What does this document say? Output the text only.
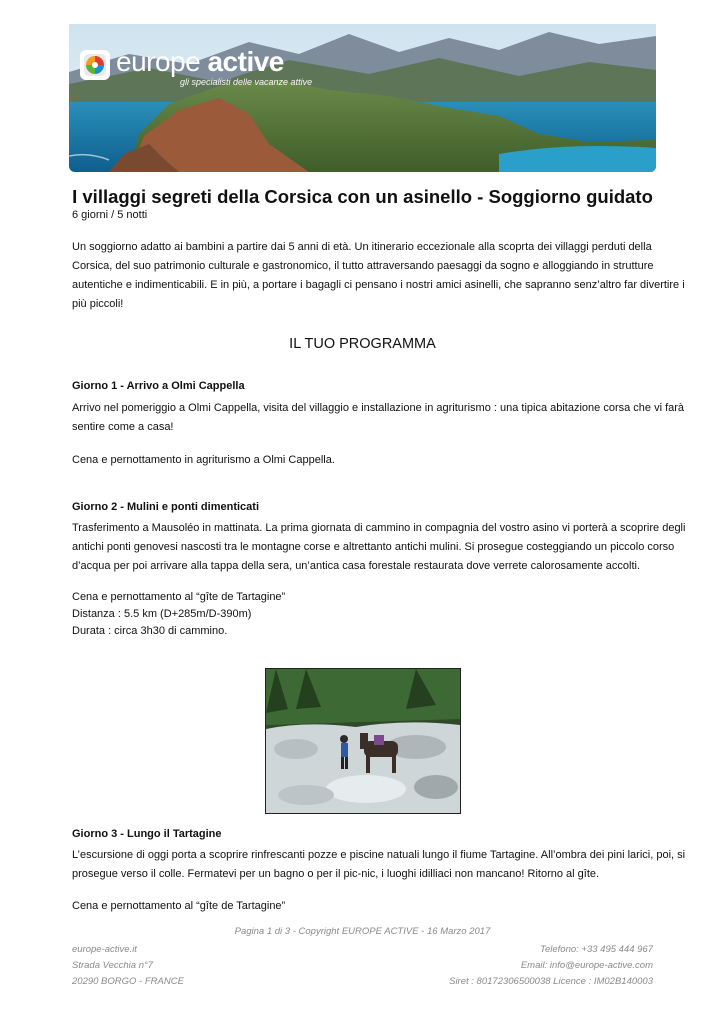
europe active
gli specialisti delle vacanze attive
I villaggi segreti della Corsica con un asinello - Soggiorno guidato
6 giorni / 5 notti

Un soggiorno adatto ai bambini a partire dai 5 anni di età. Un itinerario eccezionale alla scoprta dei villaggi perduti della Corsica, del suo patrimonio culturale e gastronomico, il tutto attraversando paesaggi da sogno e alloggiando in strutture autentiche e indimenticabili. E in più, a portare i bagagli ci pensano i nostri amici asinelli, che sapranno senz’altro far divertire i più piccoli!

IL TUO PROGRAMMA
Giorno 1 - Arrivo a Olmi Cappella

Arrivo nel pomeriggio a Olmi Cappella, visita del villaggio e installazione in agriturismo : una tipica abitazione corsa che vi farà sentire come a casa!

Cena e pernottamento in agriturismo a Olmi Cappella.

Giorno 2 - Mulini e ponti dimenticati

Trasferimento a Mausoléo in mattinata. La prima giornata di cammino in compagnia del vostro asino vi porterà a scoprire degli antichi ponti genovesi nascosti tra le montagne corse e altrettanto antichi mulini. Si prosegue costeggiando un piccolo corso d’acqua per poi arrivare alla tappa della sera, un’antica casa forestale restaurata dove verrete calorosamente accolti.

Cena e pernottamento al “gîte de Tartagine”

Distanza : 5.5 km (D+285m/D-390m)

Durata : circa 3h30 di cammino.

Giorno 3 - Lungo il Tartagine

L’escursione di oggi porta a scoprire rinfrescanti pozze e piscine natuali lungo il fiume Tartagine. All’ombra dei pini larici, poi, si prosegue verso il colle. Fermatevi per un bagno o per il pic-nic, i luoghi idilliaci non mancano! Ritorno al gîte.

Cena e pernottamento al “gîte de Tartagine”

Pagina 1 di 3 - Copyright EUROPE ACTIVE - 16 Marzo 2017
europe-active.it
Strada Vecchia n°7
20290 BORGO - FRANCE
Telefono: +33 495 444 967
Email: info@europe-active.com
Siret : 80172306500038 Licence : IM02B140003
